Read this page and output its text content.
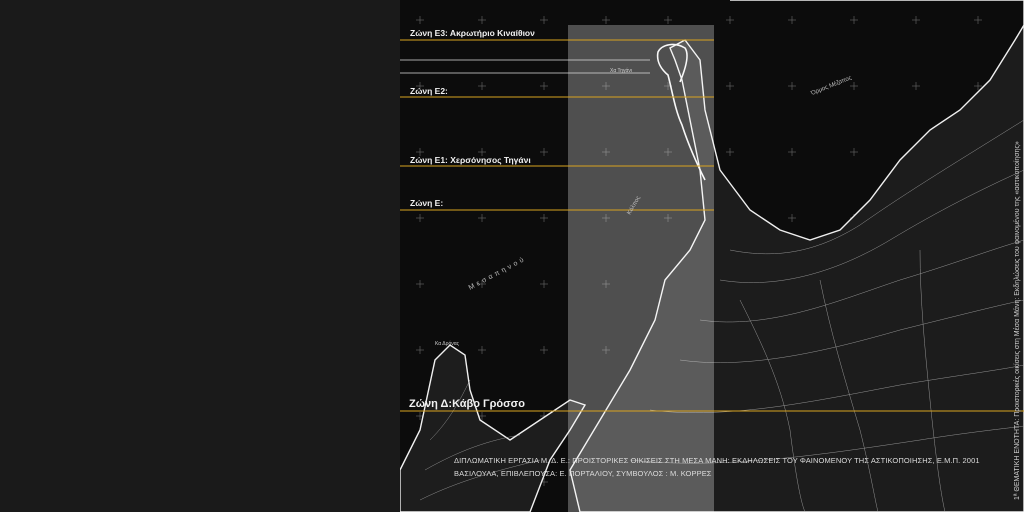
Χα Τηγάνι
Κόλπος
Μεσαπηνού
Όρμος Μέζαπος
Κα Δρόνας
Ζώνη Ε3: Ακρωτήριο Κιναίθιον
Ζώνη Ε2:
Ζώνη Ε1: Χερσόνησος Τηγάνι
Ζώνη Ε:
Ζώνη Δ:Κάβο Γρόσσο
ΔΙΠΛΩΜΑΤΙΚΗ ΕΡΓΑΣΙΑ Μ. Δ. Ε.: ΠΡΟΙΣΤΟΡΙΚΕΣ ΟΙΚΙΣΕΙΣ ΣΤΗ ΜΕΣΑ ΜΑΝΗ: ΕΚΔΗΛΩΣΕΙΣ ΤΟΥ ΦΑΙΝΟΜΕΝΟΥ ΤΗΣ ΑΣΤΙΚΟΠΟΙΗΣΗΣ, Ε.Μ.Π. 2001
ΒΑΣΙΛΟΥΛΑ, ΕΠΙΒΛΕΠΟΥΣΑ: Ε. ΠΟΡΤΑΛΙΟΥ, ΣΥΜΒΟΥΛΟΣ : Μ. ΚΟΡΡΕΣ	1ª ΘΕΜΑΤΙΚΗ ΕΝΟΤΗΤΑ: Προιστορικές οικίσεις στη Μέσα Μάνη: Εκδηλώσεις του φαινομένου της «αστικοποίησης»
